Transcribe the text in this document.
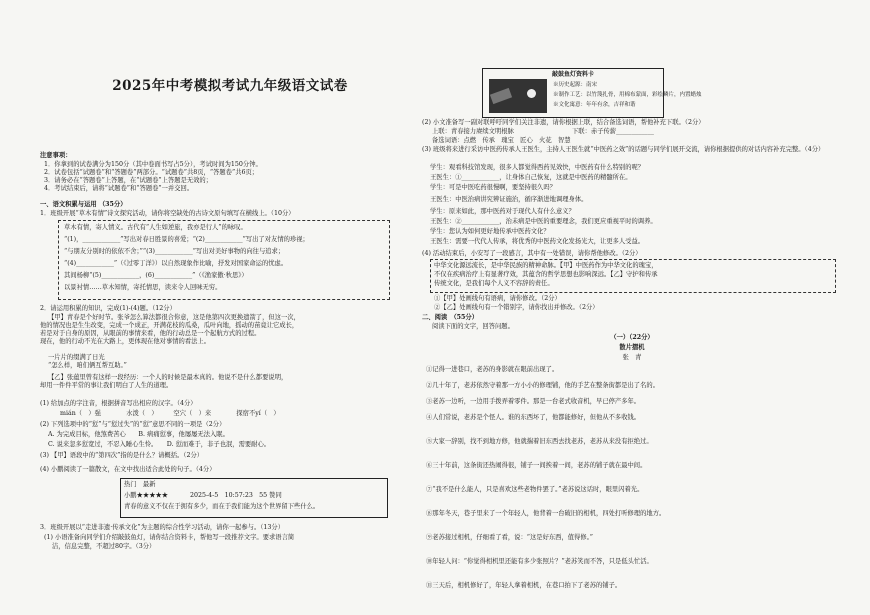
2025年中考模拟考试九年级语文试卷
注意事项：
1．你拿到的试卷满分为150分（其中卷面书写占5分），考试时间为150分钟。
2．试卷包括“试题卷”和“答题卷”两部分。“试题卷”共8页，“答题卷”共6页；
3．请务必在“答题卷”上答题，在“试题卷”上答题是无效的；
4．考试结束后，请将“试题卷”和“答题卷”一并交回。
一、语文积累与运用 （35分）
1．班级开展“草木有情”诗文探究活动，请你将空缺处的古诗文原句填写在横线上。（10分）
草木有情，寄人情义。古代有“人生如逆旅，我亦是行人”的咏叹。
“(1)，____________”写出对春日胜景的喜爱；“(2)____________”写出了对友情的珍视；
“与朋友分别时的依依不舍；”“(3)____________”写出对美好事物的向往与追求；
“(4)____________”（《过零丁洋》）以自然现象作比喻，抒发对国家命运的忧虑。
其间杨柳“(5)____________，(6)____________”（《渔家傲·秋思》）
以景衬情……草木知情，寄托情思，读来令人回味无穷。
2．请运用积累的知识，完成(1)-(4)题。（12分）
【甲】青春是个好时节。张爷怎么算法都很合你意，这是他第四次更换遗箭了，但这一次，
他的情况也是生生改变，完成一个成正，开满花枝的瓜桑，瓜叶向地，摇动的苗竟让它成长，
若是对于自身的原因，从眼前的事情来看，他的行动总是一个起航方式的过程。
现在，他的行动不光在大路上，更体现在他对事情的看法上。
一片片的缀满了日光
“怎么样，咱们俩互帮互助。”
【乙】张蕴里曾有这样一段经历：一个人的时候是最本真的。他说不是什么都要说明，
却用一件件平常的事让我们明白了人生的道理。
(1) 给加点的字注音，根据拼音写出相应的汉字。（4分）
mián（　）强　　　　水泼（　）　　　空穴（　）来　　　　探宿不yí（　）
(2) 下列选项中的“愆”与“愆过失”的“愆”意思不同的一项是（2分）
A. 为完成目标，他煞费苦心　　B. 病痛愆事，他屡屡无法入眠。
C. 说来忽多愆宽过，不忍入睡心生怜。　　D. 愆而难于，非子也泯，需要耐心。
(3) 【甲】语段中的“第四次”指的是什么？请概括。（2分）
(4) 小鹏阅读了一篇散文，在文中找出适合此处的句子。（4分）
热门　最新
小鹏★★★★★	2025-4-5　10:57:23　55 赞同
青春的意义不仅在于拥有多少，而在于我们能为这个世界留下些什么。
3．班级开展以“走进非遗·传承文化”为主题的综合性学习活动，请你一起参与。（13分）
(1) 小语准备向同学们介绍敲鼓鱼灯，请你结合资料卡，帮他写一段推荐文字。要求语言简
洁，信息完整，不超过80字。（3分）
敲鼓鱼灯资料卡
※历史起源：南宋
※制作工艺：以竹篾扎骨，用棉布蒙面，彩绘鳞片，内置蜡烛
※文化寓意：年年有余，吉祥和谐
(2) 小文准备写一副对联呼吁同学们关注非遗，请你根据上联，结合备选词语，帮他补充下联。（2分）
上联：青春接力赓续文明根脉	下联：赤子传薪____________
备选词语：点燃　传承　瑰宝　匠心　火花　智慧
(3) 班级将来进行采访中医药传承人王医生，主持人王医生就“中医药之效”的话题与同学们展开交流，请你根据提供的对话内容补充完整。（4分）
学生：观看科技馆发现，很多人都觉得西药见效快，中医药有什么特别的呢？
王医生：①____________，让身体自己恢复，这就是中医药的精髓所在。
学生：可是中医吃药很慢啊，要坚持很久吗？
王医生：中医治病讲究辨证施治，循序渐进地调理身体。
学生：原来如此，那中医药对于现代人有什么意义？
王医生：②____________，治未病是中医的重要理念，我们更应重视平时的调养。
学生：您认为如何更好地传承中医药文化？
王医生：需要一代代人传承，将优秀的中医药文化发扬光大，让更多人受益。
(4) 活动结束后，小安写了一段感言，其中有一处错误，请你帮他修改。（2分）
中华文化源远流长，是中华民族的精神命脉。【甲】中医药作为中华文化的瑰宝，
不仅在疾病治疗上有显著疗效，其蕴含的哲学思想也影响深远。【乙】守护和传承
传统文化，是我们每个人义不容辞的责任。
①【甲】处画线句有语病，请你修改。（2分）
②【乙】处画线句有一个错别字，请你找出并修改。（2分）
二、阅读　（55分）
阅读下面的文字，回答问题。
（一）（22分）
散片摺机
张　青
①记得一进巷口，老苏的身影就在眼前出现了。
②几十年了，老苏依然守着那一方小小的修理铺，他的手艺在整条街都是出了名的。
③老苏一边听，一边用手拨弄着零件。那是一台老式收音机，早已停产多年。
④人们常说，老苏是个怪人。谁的东西坏了，他都能修好，但他从不多收钱。
⑤大家一辞别，找不到地方修，他就揣着旧东西去找老苏，老苏从来没有拒绝过。
⑥三十年前，这条街还热闹得很，铺子一间挨着一间，老苏的铺子就在最中间。
⑦“我不是什么能人，只是喜欢这些老物件罢了。”老苏说这话时，眼里闪着光。
⑧那年冬天，巷子里来了一个年轻人，他背着一台破旧的相机，四处打听修理的地方。
⑨老苏接过相机，仔细看了看，说：“这是好东西，值得修。”
⑩年轻人问：“你觉得相机里还能有多少张照片？”老苏笑而不答，只是低头忙活。
⑪三天后，相机修好了，年轻人拿着相机，在巷口拍下了老苏的铺子。
